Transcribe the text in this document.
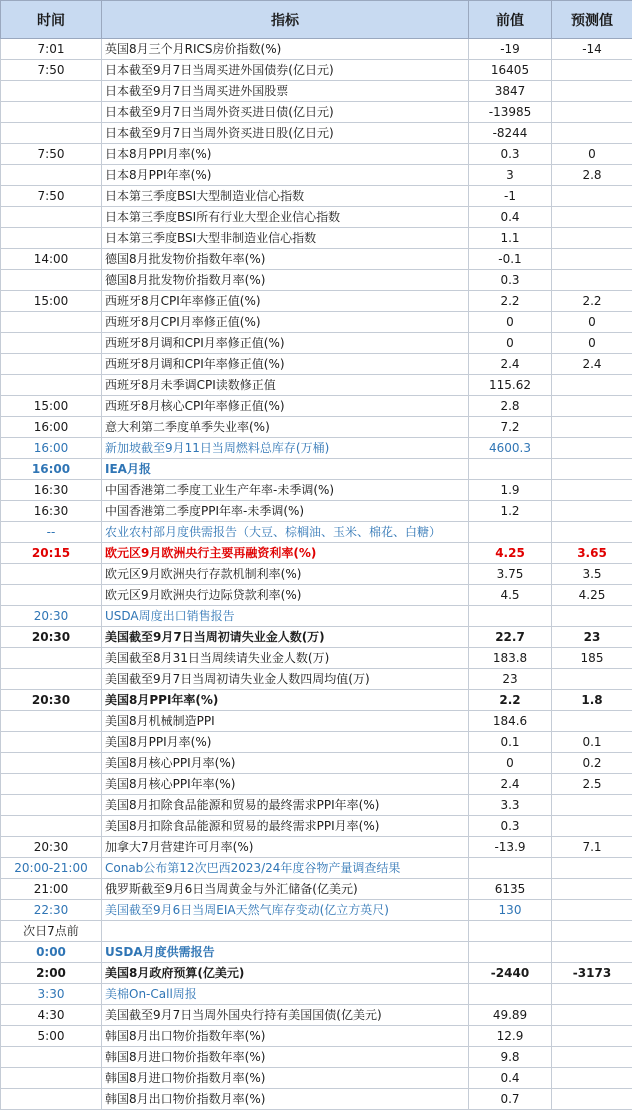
时间	指标	前值	预测值
7:01	英国8月三个月RICS房价指数(%)	-19	-14
7:50	日本截至9月7日当周买进外国债券(亿日元)	16405	
	日本截至9月7日当周买进外国股票	3847	
	日本截至9月7日当周外资买进日债(亿日元)	-13985	
	日本截至9月7日当周外资买进日股(亿日元)	-8244	
7:50	日本8月PPI月率(%)	0.3	0
	日本8月PPI年率(%)	3	2.8
7:50	日本第三季度BSI大型制造业信心指数	-1	
	日本第三季度BSI所有行业大型企业信心指数	0.4	
	日本第三季度BSI大型非制造业信心指数	1.1	
14:00	德国8月批发物价指数年率(%)	-0.1	
	德国8月批发物价指数月率(%)	0.3	
15:00	西班牙8月CPI年率修正值(%)	2.2	2.2
	西班牙8月CPI月率修正值(%)	0	0
	西班牙8月调和CPI月率修正值(%)	0	0
	西班牙8月调和CPI年率修正值(%)	2.4	2.4
	西班牙8月未季调CPI读数修正值	115.62	
15:00	西班牙8月核心CPI年率修正值(%)	2.8	
16:00	意大利第二季度单季失业率(%)	7.2	
16:00	新加坡截至9月11日当周燃料总库存(万桶)	4600.3	
16:00	IEA月报		
16:30	中国香港第二季度工业生产年率-未季调(%)	1.9	
16:30	中国香港第二季度PPI年率-未季调(%)	1.2	
--	农业农村部月度供需报告（大豆、棕榈油、玉米、棉花、白糖）		
20:15	欧元区9月欧洲央行主要再融资利率(%)	4.25	3.65
	欧元区9月欧洲央行存款机制利率(%)	3.75	3.5
	欧元区9月欧洲央行边际贷款利率(%)	4.5	4.25
20:30	USDA周度出口销售报告		
20:30	美国截至9月7日当周初请失业金人数(万)	22.7	23
	美国截至8月31日当周续请失业金人数(万)	183.8	185
	美国截至9月7日当周初请失业金人数四周均值(万)	23	
20:30	美国8月PPI年率(%)	2.2	1.8
	美国8月机械制造PPI	184.6	
	美国8月PPI月率(%)	0.1	0.1
	美国8月核心PPI月率(%)	0	0.2
	美国8月核心PPI年率(%)	2.4	2.5
	美国8月扣除食品能源和贸易的最终需求PPI年率(%)	3.3	
	美国8月扣除食品能源和贸易的最终需求PPI月率(%)	0.3	
20:30	加拿大7月营建许可月率(%)	-13.9	7.1
20:00-21:00	Conab公布第12次巴西2023/24年度谷物产量调查结果		
21:00	俄罗斯截至9月6日当周黄金与外汇储备(亿美元)	6135	
22:30	美国截至9月6日当周EIA天然气库存变动(亿立方英尺)	130	
次日7点前			
0:00	USDA月度供需报告		
2:00	美国8月政府预算(亿美元)	-2440	-3173
3:30	美棉On-Call周报		
4:30	美国截至9月7日当周外国央行持有美国国债(亿美元)	49.89	
5:00	韩国8月出口物价指数年率(%)	12.9	
	韩国8月进口物价指数年率(%)	9.8	
	韩国8月进口物价指数月率(%)	0.4	
	韩国8月出口物价指数月率(%)	0.7	
